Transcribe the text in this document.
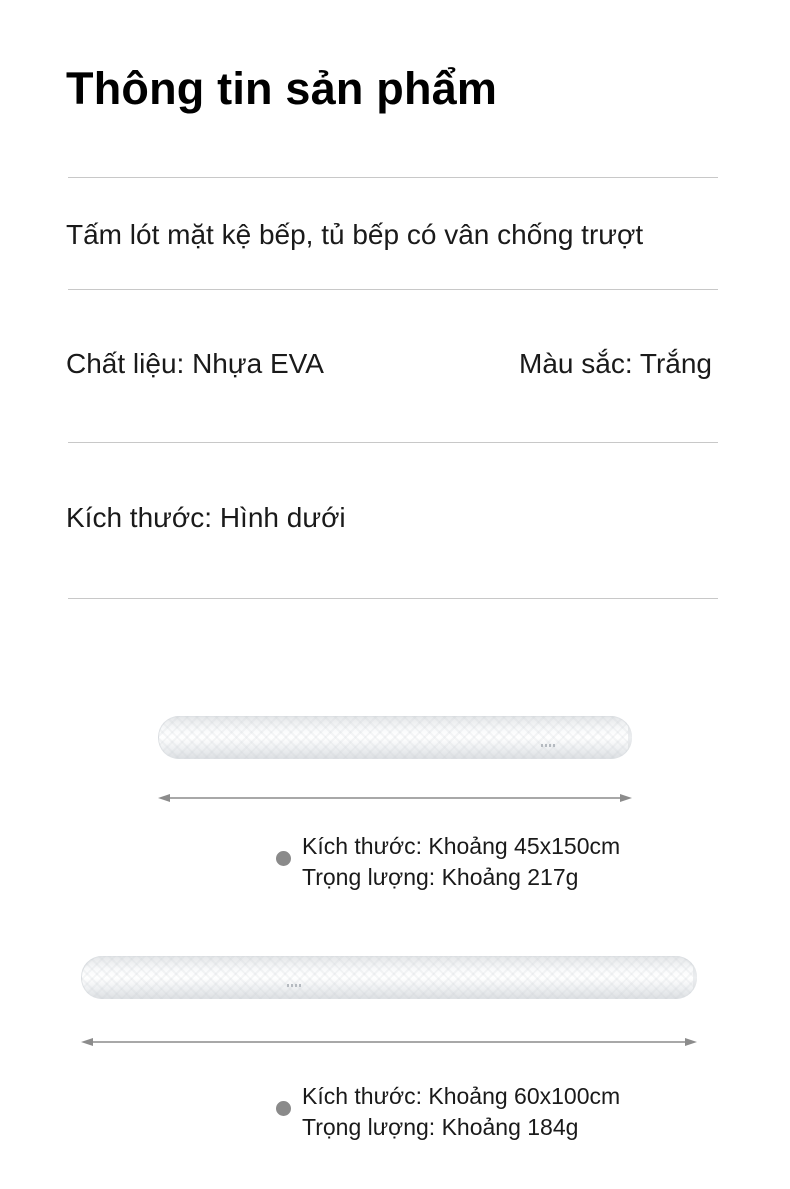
Thông tin sản phẩm
Tấm lót mặt kệ bếp, tủ bếp có vân chống trượt
Chất liệu: Nhựa EVA	Màu sắc: Trắng
Kích thước: Hình dưới
Kích thước: Khoảng 45x150cm
Trọng lượng: Khoảng 217g
Kích thước: Khoảng 60x100cm
Trọng lượng: Khoảng 184g
